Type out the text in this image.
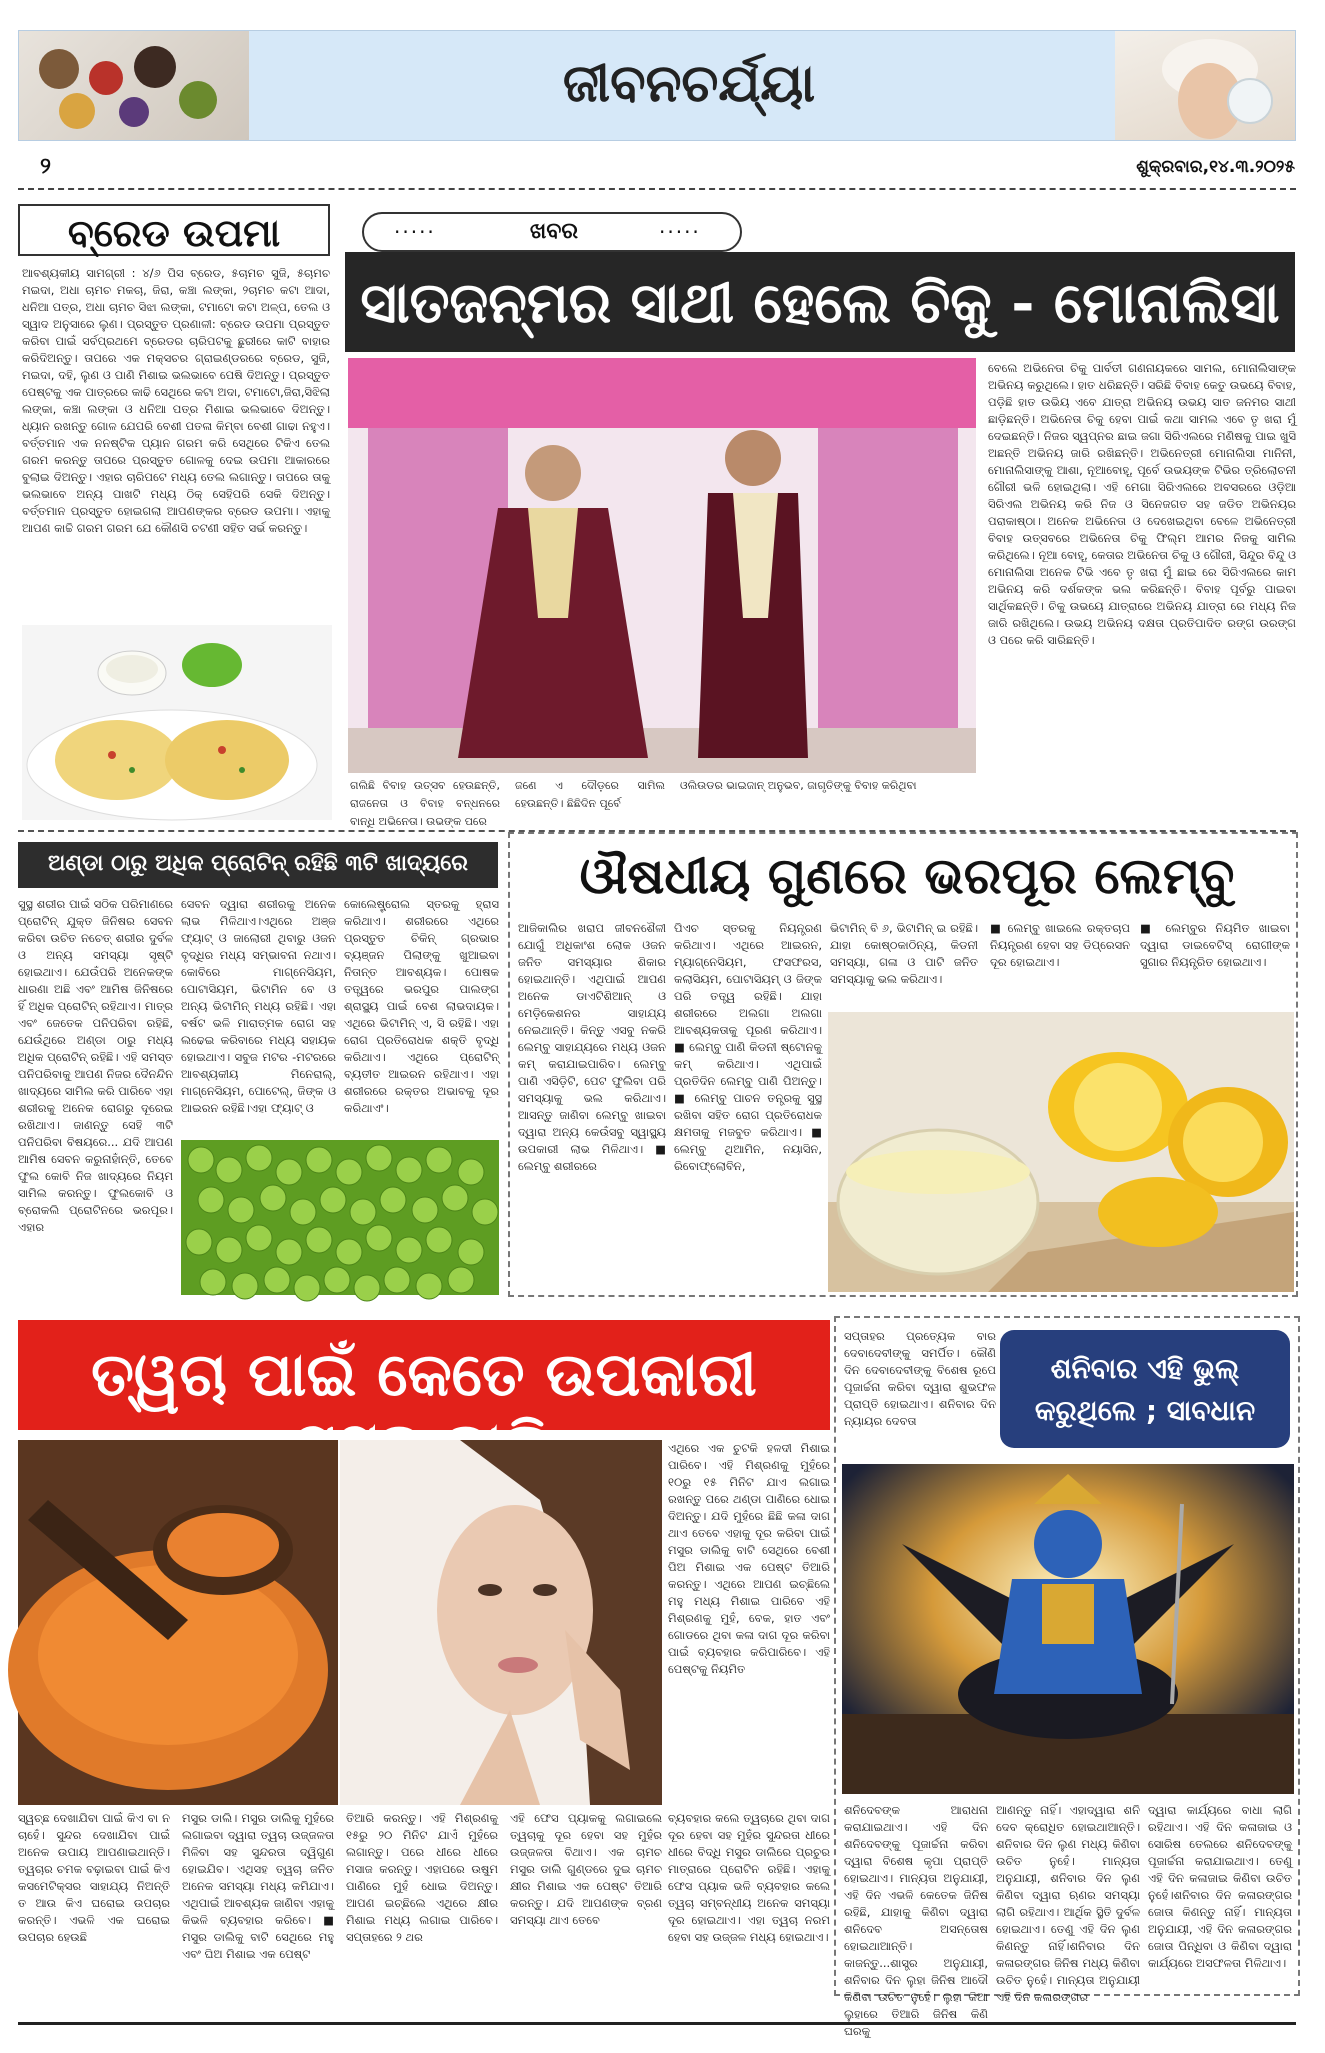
ଜୀବନଚର୍ଯ୍ୟା
୨	ଶୁକ୍ରବାର,୧୪.୩.୨୦୨୫
ବ୍ରେଡ ଉପମା
ଆବଶ୍ୟକୀୟ ସାମଗ୍ରୀ : ୪/୬ ପିସ ବ୍ରେଡ, ୫ଚାମଚ ସୁଜି, ୫ଚାମଚ ମଇଦା, ଅଧା ଚାମଚ ମକଚା, ଜିରା, କଞ୍ଚା ଲଙ୍କା, ୨ଚାମଚ କଟା ଆଦା, ଧନିଆ ପତ୍ର, ଅଧା ଚାମଚ ସିଝା ଲଙ୍କା, ଟମାଟୋ କଟା ଅଳ୍ପ, ତେଲ ଓ ସ୍ୱାଦ ଅନୁସାରେ ଲୁଣ। ପ୍ରସ୍ତୁତ ପ୍ରଣାଳୀ: ବ୍ରେଡ ଉପମା ପ୍ରସ୍ତୁତ କରିବା ପାଇଁ ସର୍ବପ୍ରଥମେ ବ୍ରେଡର ଚାରିପଟକୁ ଛୁରୀରେ କାଟି ବାହାର କରିଦିଅନ୍ତୁ। ତାପରେ ଏକ ମକ୍ସଚର ଗ୍ରାଇଣ୍ଡରରେ ବ୍ରେଡ, ସୁଜି, ମଇଦା, ଦହି, ଲୁଣ ଓ ପାଣି ମିଶାଇ ଭଲଭାବେ ପେଷି ଦିଅନ୍ତୁ। ପ୍ରସ୍ତୁତ ପେଷ୍ଟକୁ ଏକ ପାତ୍ରରେ କାଢି ସେଥିରେ କଟା ଅଦା, ଟମାଟୋ,ଜିରା,ସିଝିଲା ଲଙ୍କା, କଞ୍ଚା ଲଙ୍କା ଓ ଧନିଆ ପତ୍ର ମିଶାଇ ଭଲଭାବେ ଦିଅନ୍ତୁ। ଧ୍ୟାନ ରଖନ୍ତୁ ଗୋଳ ଯେପରି ବେଶୀ ପତଳା କିମ୍ବା ବେଶୀ ଗାଢା ନହୁଏ। ବର୍ତ୍ତମାନ ଏକ ନନଷ୍ଟିକ ପ୍ୟାନ ଗରମ କରି ସେଥିରେ ଟିକିଏ ତେଲ ଗରମ କରନ୍ତୁ ତାପରେ ପ୍ରସ୍ତୁତ ଗୋଳକୁ ଦେଇ ଉପମା ଆକାରରେ ବୁଲାଇ ଦିଅନ୍ତୁ। ଏହାର ଚାରିପଟେ ମଧ୍ୟ ତେଲ ଲଗାନ୍ତୁ। ତାପରେ ତାକୁ ଭଲଭାବେ ଅନ୍ୟ ପାଖଟି ମଧ୍ୟ ଠିକ୍ ସେହିପରି ସେକି ଦିଅନ୍ତୁ। ବର୍ତ୍ତମାନ ପ୍ରସ୍ତୁତ ହୋଇଗଲା ଆପଣଙ୍କର ବ୍ରେଡ ଉପମା। ଏହାକୁ ଆପଣ କାଚ୍ଚି ଗରମ ଗରମ ଯେ କୌଣସି ଚଟଣୀ ସହିତ ସର୍ଭ କରନ୍ତୁ।
·····	ଖବର	·····
ସାତଜନ୍ମର ସାଥୀ ହେଲେ ଚିକୁ - ମୋନାଲିସା
ବେଲେ ଅଭିନେତା ଚିକୁ ପାର୍ବତୀ ଗଣନାୟକରେ ସାମଲ, ମୋନାଲିସାଙ୍କ ଅଭିନୟ କରୁଥିଲେ। ହାତ ଧରିଛନ୍ତି। ସରିଛି ବିବାହ କେତୁ ଉଭୟେ ବିବାହ, ପଡ଼ିଛି ହାତ ଉଭିୟ ଏବେ ଯାତ୍ରା ଅଭିନୟ ଉଭୟ ସାତ ଜନମର ସାଥୀ ଛାଡ଼ିଛନ୍ତି। ଅଭିନେତା ଚିକୁ ହେବା ପାଇଁ କଥା ସାମଲ ଏବେ ତୃ ଖରା ମୁଁ ଦେଇଛନ୍ତି। ନିଜର ସ୍ୱପ୍ନର ଛାଇ ଜଗା ସିରିଏଲରେ ମଣିଷକୁ ପାଇ ଖୁସି ଅଛନ୍ତି ଅଭିନୟ ଜାରି ରଖିଛନ୍ତି। ଅଭିନେତ୍ରୀ ମୋନାଲିସା ମାନିନୀ, ମୋନାଲିସାଙ୍କୁ ଆଶା, ନୂଆବୋହୂ, ପୂର୍ବେ ଉଭୟଙ୍କ ଟିଭିର ତ୍ରିଲୋଚନୀ ଗୌରୀ ଭଳି ହୋଇଥିଲା। ଏହି ମେଗା ସିରିଏଲରେ ଅବସରରେ ଓଡ଼ିଆ ସିରିଏଲ ଅଭିନୟ କରି ନିଜ ଓ ସିନେଜଗତ ସହ ଜଡିତ ଅଭିନୟର ପରାକାଷ୍ଠା। ଅନେକ ଅଭିନେତା ଓ ଦେଖେଇଥିବା ବେଳେ ଅଭିନେତ୍ରୀ ବିବାହ ଉତ୍ସବରେ ଅଭିନେତା ଚିକୁ ଫିଲ୍ମ ଆମର ନିଜକୁ ସାମିଲ କରିଥିଲେ। ନୂଆ ବୋହୂ, କେତାର ଅଭିନେତା ଚିକୁ ଓ ଗୌରୀ, ସିନ୍ଦୁର ବିନ୍ଦୁ ଓ ମୋନାଲିସା ଅନେକ ଟିଭି ଏବେ ତୃ ଖରା ମୁଁ ଛାଇ ରେ ସିରିଏଲରେ କାମ ଅଭିନୟ କରି ଦର୍ଶକଙ୍କ ଭଲ କରିଛନ୍ତି। ବିବାହ ପୂର୍ବରୁ ପାଇବା ସାର୍ଥିକଛନ୍ତି। ଚିକୁ ଉଭୟେ ଯାତ୍ରାରେ ଅଭିନୟ ଯାତ୍ରା ରେ ମଧ୍ୟ ନିଜ ଜାରି ରଖିଥିଲେ। ଉଭୟ ଅଭିନୟ ଦକ୍ଷତା ପ୍ରତିପାଦିତ ରଙ୍ଗ ଉରଙ୍ଗ ଓ ପରେ କରି ସାରିଛନ୍ତି।
ଗଲିଛି ବିବାହ ଉତ୍ସବ ହେଉଛନ୍ତି, ରାଜନେତା ଓ ବିବାହ ବନ୍ଧନରେ ବାନ୍ଧି ଅଭିନେତା। ଉଭଙ୍କ ପରେ
ଜଣେ ଏ ଦୌଡ଼ରେ ସାମିଲ ହେଉଛନ୍ତି। ଛିଛିଦିନ ପୂର୍ବେ
ଓଲିଉଡର ଭାଇଜାନ୍ ଅନୁଭବ, ଜାଗୃତିଙ୍କୁ ବିବାହ କରିଥିବା
ଅଣ୍ଡା ଠାରୁ ଅଧିକ ପ୍ରୋଟିନ୍ ରହିଛି ୩ଟି ଖାଦ୍ୟରେ
ସୁସ୍ଥ ଶରୀର ପାଇଁ ସଠିକ ପରିମାଣରେ ପ୍ରୋଟିନ୍ ଯୁକ୍ତ ଜିନିଷର ସେବନ କରିବା ଉଚିତ ନଚେତ୍ ଶରୀର ଦୁର୍ବଳ ଓ ଅନ୍ୟ ସମସ୍ୟା ସୃଷ୍ଟି ହୋଇଥାଏ। ଯେଉଁପରି ଅନେକଙ୍କ ଧାରଣା ଅଛି ଏବଂ ଆମିଷ ଜିନିଷରେ ହିଁ ଅଧିକ ପ୍ରୋଟିନ୍ ରହିଥାଏ। ମାତ୍ର ଏବଂ ଜେତେକ ପନିପରିବା ରହିଛି, ଯେଉଁଥିରେ ଅଣ୍ଡା ଠାରୁ ମଧ୍ୟ ଅଧିକ ପ୍ରୋଟିନ୍ ରହିଛି। ଏହି ସମସ୍ତ ପନିପରିବାକୁ ଆପଣ ନିଜର ଦୈନନ୍ଦିନ ଖାଦ୍ୟରେ ସାମିଲ କରି ପାରିବେ ଏହା ଶରୀରକୁ ଅନେକ ରୋଗରୁ ଦୂରେଇ ରଖିଥାଏ। ଜାଣନ୍ତୁ ସେହି ୩ଟି ପନିପରିବା ବିଷୟରେ... ଯଦି ଆପଣ ଆମିଷ ସେବନ କରୁନାହାଁନ୍ତି, ତେବେ ଫୁଲ କୋବି ନିଜ ଖାଦ୍ୟରେ ନିୟମ ସାମିଲ କରନ୍ତୁ। ଫୁଲକୋବି ଓ ବ୍ରୋକଲି ପ୍ରୋଟିନରେ ଭରପୂର। ଏହାର
ସେବନ ଦ୍ୱାରା ଶରୀରକୁ ଅନେକ ଲାଭ ମିଳିଥାଏ।ଏଥିରେ ଅଞ୍ଜ ଫ୍ୟାଟ୍ ଓ ଜାଲୋରୀ ଥିବାରୁ ଓଜନ ବୃଦ୍ଧିର ମଧ୍ୟ ସମ୍ଭାବନା ନଥାଏ। କୋବିରେ ମାଗ୍ନେସିୟମ, ପୋଟାସିୟମ, ଭିଟାମିନ ବେ ଓ ଅନ୍ୟ ଭିଟାମିନ୍ ମଧ୍ୟ ରହିଛି। ଏହା ବର୍ଷଟ ଭଳି ମାରାତ୍ମକ ରୋଗ ସହ ଲଢେଇ କରିବାରେ ମଧ୍ୟ ସହାୟକ ହୋଇଥାଏ। ସବୁଜ ମଟର -ମଟରରେ ଆବଶ୍ୟକୀୟ ମିନେରାଲ୍, ମାଗ୍ନେସିୟମ, ପୋଟେଲ୍, ଜିଙ୍କ ଓ ଆଇରନ ରହିଛି।ଏହା ଫ୍ୟାଟ୍ ଓ
କୋଲେଷ୍ଟ୍ରୋଲ ସ୍ତରକୁ ହ୍ରାସ କରିଥାଏ। ଶରୀରରେ ଏଥିରେ ପ୍ରସ୍ତୁତ ଚିକିନ୍ ଗ୍ରଭାର ବ୍ୟଞ୍ଜନ ପିଲାଙ୍କୁ ଖୁଆଇବା ନିତାନ୍ତ ଆବଶ୍ୟକ। ପୋଷକ ତତ୍ତ୍ୱରେ ଭରପୁର ପାଲଙ୍ଗ ଶ୍ରାସ୍ଥ୍ୟ ପାଇଁ ବେଶ ଲାଭଦାୟକ। ଏଥିରେ ଭିଟାମିନ୍ ଏ, ସି ରହିଛି। ଏହା ରୋଗ ପ୍ରତିରୋଧକ ଶକ୍ତି ବୃଦ୍ଧି କରିଥାଏ। ଏଥିରେ ପ୍ରୋଟିନ୍ ବ୍ୟତୀତ ଆଇରନ ରହିଥାଏ। ଏହା ଶରୀରରେ ରକ୍ତର ଅଭାବକୁ ଦୂର କରିଥାଏଂ।
ଔଷଧୀୟ ଗୁଣରେ ଭରପୂର ଲେମ୍ବୁ
ଆଜିକାଲିର ଖରାପ ଜୀବନଶୈଳୀ ଯୋଗୁଁ ଅଧିକାଂଶ ଲୋକ ଓଜନ ଜନିତ ସମସ୍ୟାର ଶିକାର ହୋଇଥାନ୍ତି। ଏଥିପାଇଁ ଆପଣ ଅନେକ ଡାଏଟିଶିଆନ୍ ଓ ମେଡ଼ିକେଶନର ସାହାଯ୍ୟ ନେଇଥାନ୍ତି। କିନ୍ତୁ ଏସବୁ ନକରି ଲେମ୍ବୁ ସାହାଯ୍ୟରେ ମଧ୍ୟ ଓଜନ କମ୍ କରାଯାଇପାରିବ। ଲେମ୍ବୁ ପାଣି ଏସିଡ଼ିଟି, ପେଟ ଫୁଲିବା ପରି ସମସ୍ୟାକୁ ଭଲ କରିଥାଏ। ଆସନ୍ତୁ ଜାଣିବା ଲେମ୍ବୁ ଖାଇବା ଦ୍ୱାରା ଅନ୍ୟ କେଉଁସବୁ ସ୍ୱାସ୍ଥ୍ୟ ଉପକାରୀ ଲାଭ ମିଳିଥାଏ। ■ ଲେମ୍ବୁ ଶରୀରରେ
ପିଏଚ ସ୍ତରକୁ ନିୟନ୍ତ୍ରଣ କରିଥାଏ। ଏଥିରେ ଆଇରନ, ମ୍ୟାଗ୍ନେସିୟମ, ଫସଫରସ, କଲାସିୟମ, ପୋଟାସିୟମ୍ ଓ ଜିଙ୍କ ପରି ତତ୍ତ୍ୱ ରହିଛି। ଯାହା ଶରୀରରେ ଅଲଗା ଅଲଗା ଆବଶ୍ୟକତାକୁ ପୂରଣ କରିଥାଏ। ■ ଲେମ୍ବୁ ପାଣି କିଡନୀ ଷ୍ଟୋନକୁ କମ୍ କରିଥାଏ। ଏଥିପାଇଁ ପ୍ରତିଦିନ ଲେମ୍ବୁ ପାଣି ପିଅନ୍ତୁ। ■ ଲେମ୍ବୁ ପାଚନ ତନ୍ତ୍ରକୁ ସୁସ୍ଥ ରଖିବା ସହିତ ରୋଗ ପ୍ରତିରୋଧକ କ୍ଷମତାକୁ ମଜବୁତ କରିଥାଏ। ■ ଲେମ୍ବୁ ଥିଆମିନ, ନୟାସିନ, ରିବୋଫ୍ଲୋବିନ,
ଭିଟାମିନ୍ ବି ୬, ଭିଟାମିନ୍ ଇ ରହିଛି। ଯାହା କୋଷ୍ଠକାଠିନ୍ୟ, କିଡନୀ ସମସ୍ୟା, ଗଳା ଓ ପାଟି ଜନିତ ସମସ୍ୟାକୁ ଭଲ କରିଥାଏ।
■ ଲେମ୍ବୁ ଖାଇଲେ ରକ୍ତଚାପ ନିୟନ୍ତ୍ରଣ ହେବା ସହ ଡିପ୍ରେସନ ଦୂର ହୋଇଥାଏ।
■ ଲେମ୍ବୁର ନିୟମିତ ଖାଇବା ଦ୍ୱାରା ଡାଇବେଟିସ୍ ରୋଗୀଙ୍କ ସୁଗାର ନିୟନ୍ତ୍ରିତ ହୋଇଥାଏ।
ତ୍ୱଚା ପାଇଁ କେତେ ଉପକାରୀ
ଏଥିରେ ଏକ ଚୁଟକି ହଳଦୀ ମିଶାଇ ପାରିବେ। ଏହି ମିଶ୍ରଣକୁ ମୁହଁରେ ୧୦ରୁ ୧୫ ମିନିଟ ଯାଏ ଲଗାଇ ରଖନ୍ତୁ ପରେ ଥଣ୍ଡା ପାଣିରେ ଧୋଇ ଦିଅନ୍ତୁ। ଯଦି ମୁହଁରେ ଛିଛି କଳା ଦାଗ ଥାଏ ତେବେ ଏହାକୁ ଦୂର କରିବା ପାଇଁ ମସୁର ଡାଲିକୁ ବାଟି ସେଥିରେ ବେଶୀ ପିଅ ମିଶାଇ ଏକ ପେଷ୍ଟ ତିଆରି କରନ୍ତୁ। ଏଥିରେ ଆପଣ ଇଚ୍ଛିଲେ ମହୁ ମଧ୍ୟ ମିଶାଇ ପାରିବେ ଏହି ମିଶ୍ରଣକୁ ମୁହଁ, ବେକ, ହାତ ଏବଂ ଗୋଡରେ ଥିବା କଳା ଦାଗ ଦୂର କରିବା ପାଇଁ ବ୍ୟବହାର କରିପାରିବେ। ଏହି ପେଷ୍ଟକୁ ନିୟମିତ
ସ୍ୱଚ୍ଛ ଦେଖାଯିବା ପାଇଁ କିଏ ବା ନ ଚାହେଁ। ସୁନ୍ଦର ଦେଖାଯିବା ପାଇଁ ଅନେକ ଉପାୟ ଆପଣାଇଥାନ୍ତି। ତ୍ୱଚାର ଚମକ ବଢ଼ାଇବା ପାଇଁ କିଏ କସମେଟିକ୍ସର ସାହାଯ୍ୟ ନିଅନ୍ତି ତ ଆଉ କିଏ ଘରୋଇ ଉପଚାର କରନ୍ତି। ଏଭଳି ଏକ ଘରୋଇ ଉପଚାର ହେଉଛି
ମସୁର ଡାଲି। ମସୁର ଡାଲିକୁ ମୁହଁରେ ଲଗାଇବା ଦ୍ୱାରା ତ୍ୱଚା ଉଜ୍ଜଳତା ମିଳିବା ସହ ସୁନ୍ଦରତା ଦ୍ୱିଗୁଣ ହୋଇଯିବ। ଏଥିସହ ତ୍ୱଚା ଜନିତ ଅନେକ ସମସ୍ୟା ମଧ୍ୟ କମିଯାଏ। ଏଥିପାଇଁ ଆବଶ୍ୟକ ଜାଣିବା ଏହାକୁ କିଭଳି ବ୍ୟବହାର କରିବେ। ■ ମସୁର ଡାଲିକୁ ବାଟି ସେଥିରେ ମହୁ ଏବଂ ଘିଅ ମିଶାଇ ଏକ ପେଷ୍ଟ
ତିଆରି କରନ୍ତୁ। ଏହି ମିଶ୍ରଣକୁ ୧୫ରୁ ୨୦ ମିନିଟ ଯାଏଁ ମୁହଁରେ ଲଗାନ୍ତୁ। ପରେ ଧୀରେ ଧୀରେ ମସାଜ କରନ୍ତୁ। ଏହାପରେ ଉଷୁମ ପାଣିରେ ମୁହଁ ଧୋଇ ଦିଅନ୍ତୁ। ଆପଣ ଇଚ୍ଛିଲେ ଏଥିରେ କ୍ଷୀର ମିଶାଇ ମଧ୍ୟ ଲଗାଇ ପାରିବେ। ସପ୍ତାହରେ ୨ ଥର
ଏହି ଫେସ ପ୍ୟାକକୁ ଲଗାଇଲେ ତ୍ୱଚାକୁ ଦୂର ହେବା ସହ ମୁହଁର ଉଜ୍ଜଳତା ବିଥାଏ। ଏକ ଚାମଚ ମସୁର ଡାଲି ଗୁଣ୍ଡରେ ଦୁଇ ଚାମଚ କ୍ଷୀର ମିଶାଇ ଏକ ପେଷ୍ଟ ତିଆରି କରନ୍ତୁ। ଯଦି ଆପଣଙ୍କ ବ୍ରଣ ସମସ୍ୟା ଥାଏ ତେବେ
ବ୍ୟବହାର କଲେ ତ୍ୱଚାରେ ଥିବା ଦାଗ ଦୂର ହେବା ସହ ମୁହଁର ସୁନ୍ଦରତା ଧୀରେ ଧୀରେ ବିଦ୍ଧି ମସୁର ଡାଲିରେ ପ୍ରଚୁର ମାତ୍ରାରେ ପ୍ରୋଟିନ ରହିଛି। ଏହାକୁ ଫେସ ପ୍ୟାକ ଭଳି ବ୍ୟବହାର କଲେ ତ୍ୱଚା ସମ୍ବନ୍ଧୀୟ ଅନେକ ସମସ୍ୟା ଦୂର ହୋଇଥାଏ। ଏହା ତ୍ୱଚା ନରମ ହେବା ସହ ଉଜ୍ଜଳ ମଧ୍ୟ ହୋଇଥାଏ।
ସପ୍ତାହର ପ୍ରତ୍ୟେକ ବାର ଦେବାଦେବୀଙ୍କୁ ସମର୍ପିତ। କୌଣି ଦିନ ଦେବାଦେବୀଙ୍କୁ ବିଶେଷ ରୂପେ ପୂଜାର୍ଚ୍ଚନା କରିବା ଦ୍ୱାରା ଶୁଭଫଳ ପ୍ରାପ୍ତି ହୋଇଥାଏ। ଶନିବାର ଦିନ ନ୍ୟାୟର ଦେବତା
ଶନିବାର ଏହି ଭୁଲ୍
କରୁଥିଲେ ; ସାବଧାନ
ଶନିଦେବଙ୍କ ଆରାଧନା କରାଯାଇଥାଏ। ଏହି ଦିନ ଶନିଦେବଙ୍କୁ ପୂଜାର୍ଚ୍ଚନା କରିବା ଦ୍ୱାରା ବିଶେଷ କୃପା ପ୍ରାପ୍ତି ହୋଇଥାଏ। ମାନ୍ୟତା ଅନୁଯାୟୀ, ଏହି ଦିନ ଏଭଳି କେତେକ ଜିନିଷ ରହିଛି, ଯାହାକୁ କିଣିବା ଦ୍ୱାରା ଶନିଦେବ ଅସନ୍ତୋଷ ହୋଇଥାଆନ୍ତି। କାଜନ୍ତୁ...ଶାସ୍ତ୍ର ଅନୁଯାୟୀ, ଶନିବାର ଦିନ ଲୁହା ଜିନିଷ ଆଦୌ କିଣିବା ଉଚିତ ନୁହେଁ। ଲୁହା କିଆ ଲୁହାରେ ତିଆରି ଜିନିଷ କିଣି ଘରକୁ
ଆଣନ୍ତୁ ନାହିଁ। ଏହାଦ୍ୱାରା ଶନି ଦେବ କ୍ରୋଧିତ ହୋଇଥାଆନ୍ତି।ଶନିବାର ଦିନ ଲୁଣ ମଧ୍ୟ କିଣିବା ଉଚିତ ନୁହେଁ। ମାନ୍ୟତା ଅନୁଯାୟୀ, ଶନିବାର ଦିନ ଲୁଣ କିଣିବା ଦ୍ୱାରା ଋଣର ସମସ୍ୟା ଲାଗି ରହିଥାଏ। ଆର୍ଥିକ ସ୍ଥିତି ଦୁର୍ବଳ ହୋଇଥାଏ। ତେଣୁ ଏହି ଦିନ ଲୁଣ କିଣନ୍ତୁ ନାହିଁ।ଶନିବାର ଦିନ କଳାରଙ୍ଗର ଜିନିଷ ମଧ୍ୟ କିଣିବା ଉଚିତ ନୁହେଁ। ମାନ୍ୟତା ଅନୁଯାୟୀ ଏହି ଦିନ କଳାରଙ୍ଗର
ଦ୍ୱାରା କାର୍ଯ୍ୟରେ ବାଧା ଲାଗି ରହିଥାଏ। ଏହି ଦିନ କଳାଜାଇ ଓ ସୋରିଷ ତେଲରେ ଶନିଦେବଙ୍କୁ ପୂଜାର୍ଚ୍ଚନା କରାଯାଇଥାଏ। ତେଣୁ ଏହି ଦିନ କଳାଜାଇ କିଣିବା ଉଚିତ ନୁହେଁ।ଶନିବାର ଦିନ କଳାରଙ୍ଗର ଜୋତା କିଣନ୍ତୁ ନାହିଁ। ମାନ୍ୟତା ଅନୁଯାୟୀ, ଏହି ଦିନ କଳାରଙ୍ଗର ଜୋତା ପିନ୍ଧିବା ଓ କିଣିବା ଦ୍ୱାରା କାର୍ଯ୍ୟରେ ଅସଫଳତା ମିଳିଥାଏ।
